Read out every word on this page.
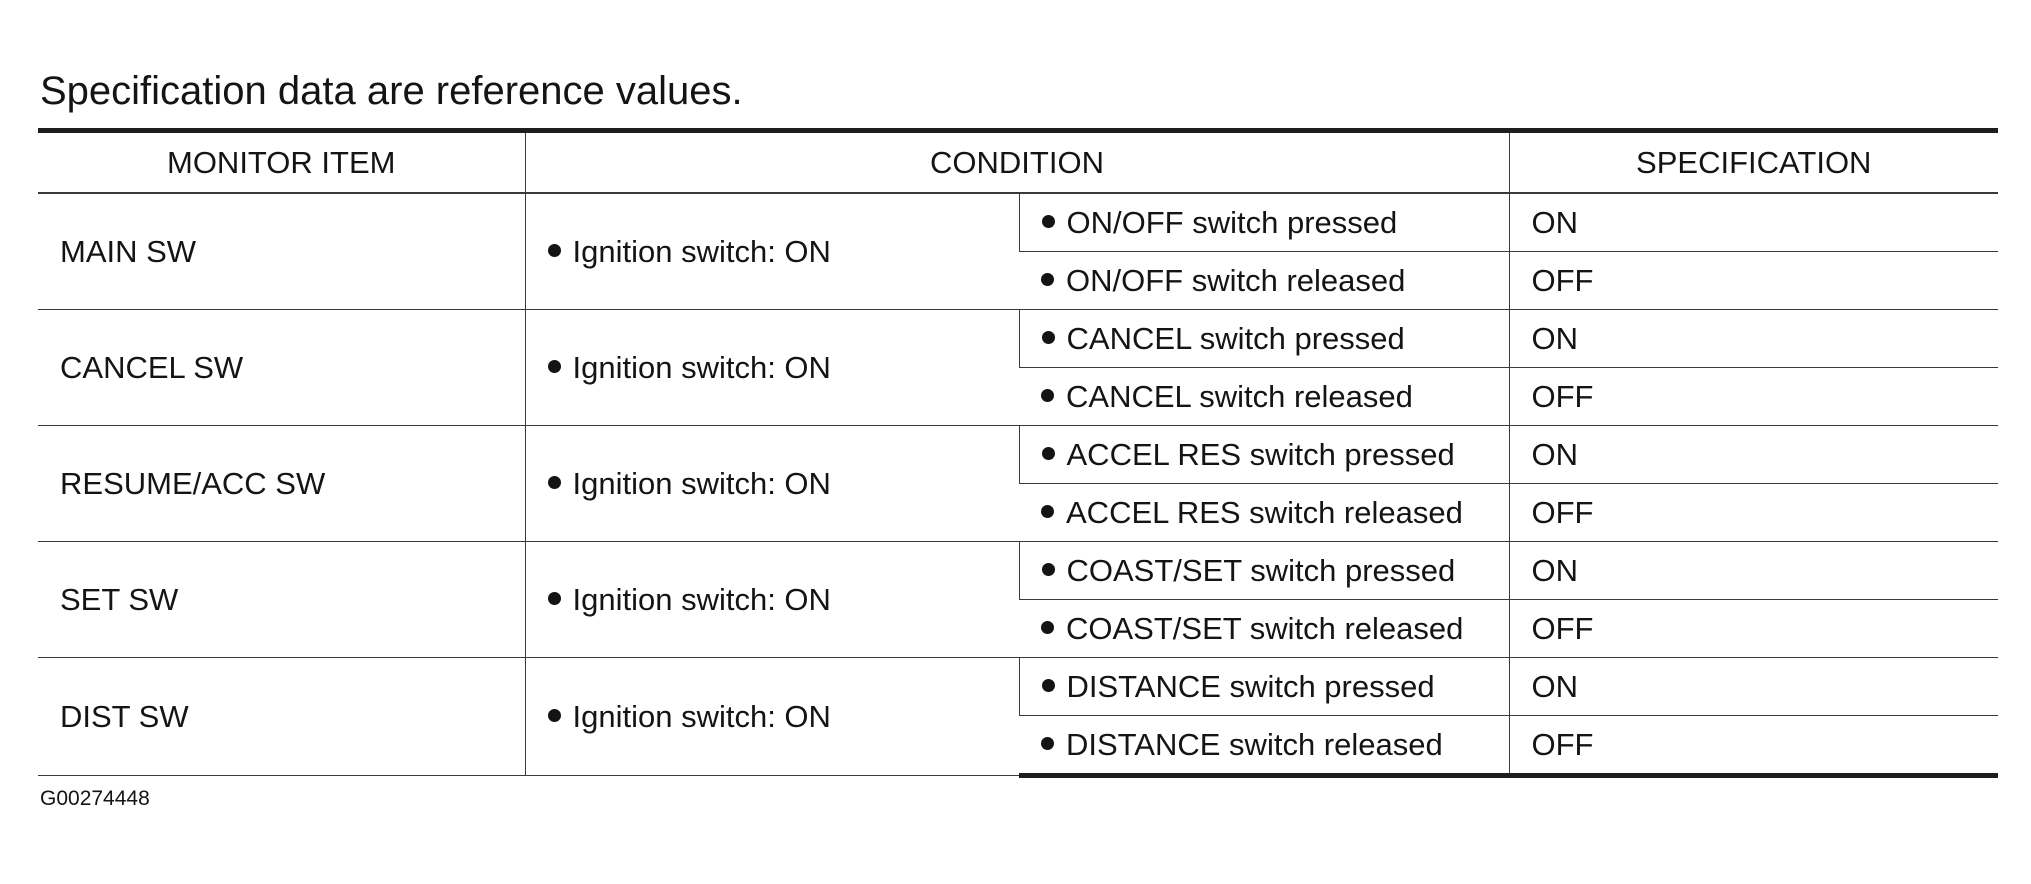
Specification data are reference values.
MONITOR ITEM	CONDITION		SPECIFICATION
MAIN SW	Ignition switch: ON	ON/OFF switch pressed	ON
		ON/OFF switch released	OFF
CANCEL SW	Ignition switch: ON	CANCEL switch pressed	ON
		CANCEL switch released	OFF
RESUME/ACC SW	Ignition switch: ON	ACCEL RES switch pressed	ON
		ACCEL RES switch released	OFF
SET SW	Ignition switch: ON	COAST/SET switch pressed	ON
		COAST/SET switch released	OFF
DIST SW	Ignition switch: ON	DISTANCE switch pressed	ON
		DISTANCE switch released	OFF
G00274448
